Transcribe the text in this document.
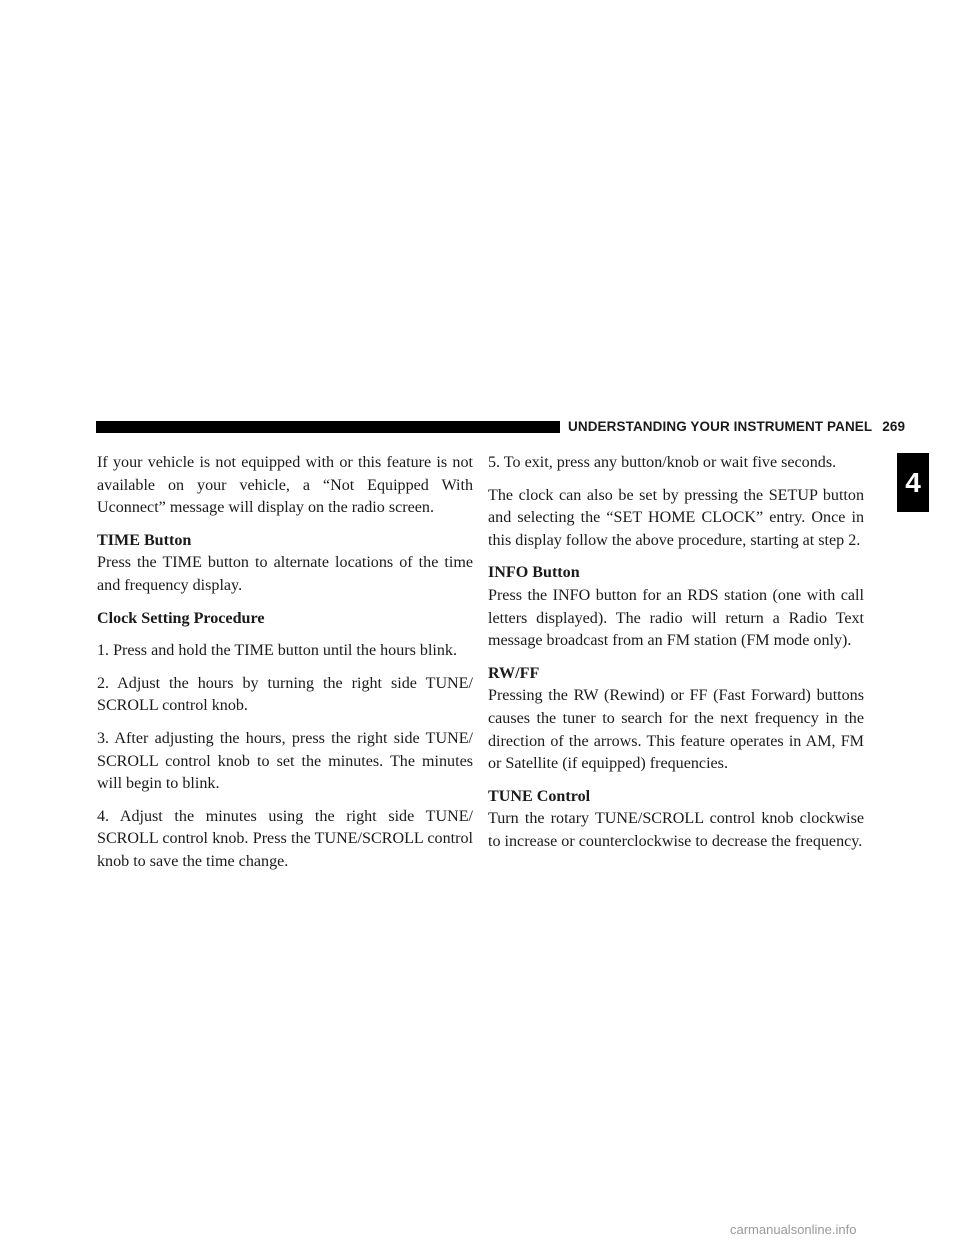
UNDERSTANDING YOUR INSTRUMENT PANEL 269

If your vehicle is not equipped with or this feature is not available on your vehicle, a “Not Equipped With Uconnect” message will display on the radio screen.

TIME Button

Press the TIME button to alternate locations of the time and frequency display.

Clock Setting Procedure

1. Press and hold the TIME button until the hours blink.

2. Adjust the hours by turning the right side TUNE/ SCROLL control knob.

3. After adjusting the hours, press the right side TUNE/ SCROLL control knob to set the minutes. The minutes will begin to blink.

4. Adjust the minutes using the right side TUNE/ SCROLL control knob. Press the TUNE/SCROLL control knob to save the time change.

5. To exit, press any button/knob or wait five seconds.

The clock can also be set by pressing the SETUP button and selecting the “SET HOME CLOCK” entry. Once in this display follow the above procedure, starting at step 2.

INFO Button

Press the INFO button for an RDS station (one with call letters displayed). The radio will return a Radio Text message broadcast from an FM station (FM mode only).

RW/FF

Pressing the RW (Rewind) or FF (Fast Forward) buttons causes the tuner to search for the next frequency in the direction of the arrows. This feature operates in AM, FM or Satellite (if equipped) frequencies.

TUNE Control

Turn the rotary TUNE/SCROLL control knob clockwise to increase or counterclockwise to decrease the frequency.

4
carmanualsonline.info
